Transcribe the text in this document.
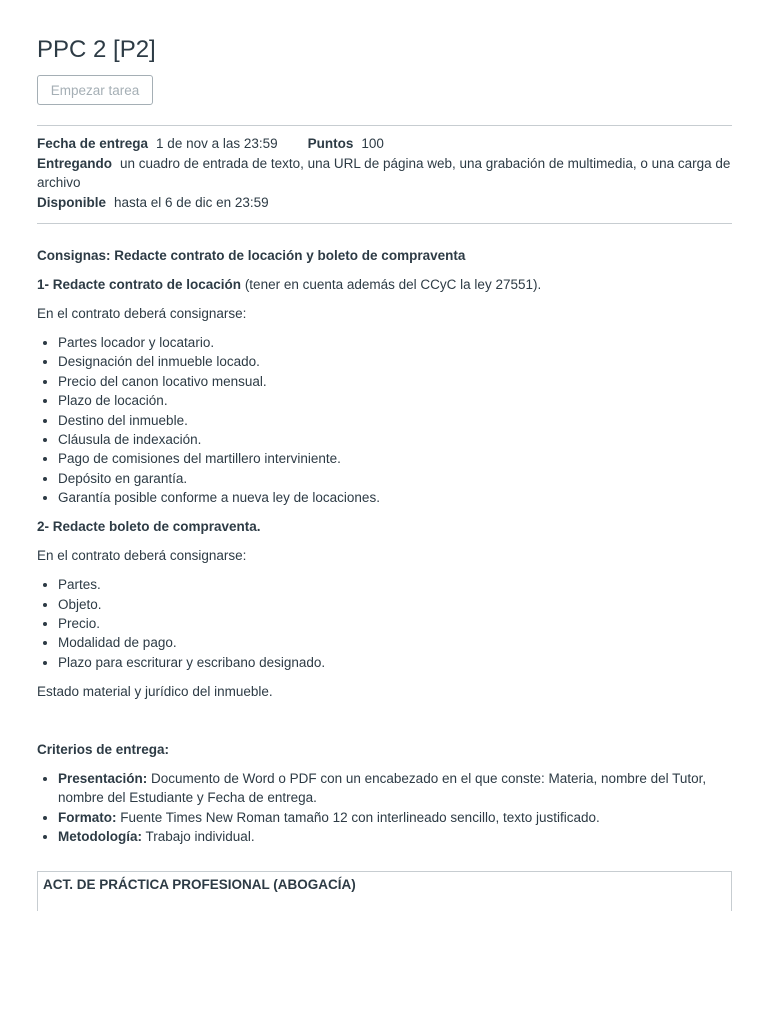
PPC 2 [P2]
Empezar tarea
Fecha de entrega 1 de nov a las 23:59 Puntos 100
Entregando un cuadro de entrada de texto, una URL de página web, una grabación de multimedia, o una carga de archivo
Disponible hasta el 6 de dic en 23:59

Consignas: Redacte contrato de locación y boleto de compraventa

1- Redacte contrato de locación (tener en cuenta además del CCyC la ley 27551).

En el contrato deberá consignarse:

• Partes locador y locatario.
• Designación del inmueble locado.
• Precio del canon locativo mensual.
• Plazo de locación.
• Destino del inmueble.
• Cláusula de indexación.
• Pago de comisiones del martillero interviniente.
• Depósito en garantía.
• Garantía posible conforme a nueva ley de locaciones.

2- Redacte boleto de compraventa.

En el contrato deberá consignarse:

• Partes.
• Objeto.
• Precio.
• Modalidad de pago.
• Plazo para escriturar y escribano designado.

Estado material y jurídico del inmueble.

Criterios de entrega:

• Presentación: Documento de Word o PDF con un encabezado en el que conste: Materia, nombre del Tutor, nombre del Estudiante y Fecha de entrega.
• Formato: Fuente Times New Roman tamaño 12 con interlineado sencillo, texto justificado.
• Metodología: Trabajo individual.
ACT. DE PRÁCTICA PROFESIONAL (ABOGACÍA)
